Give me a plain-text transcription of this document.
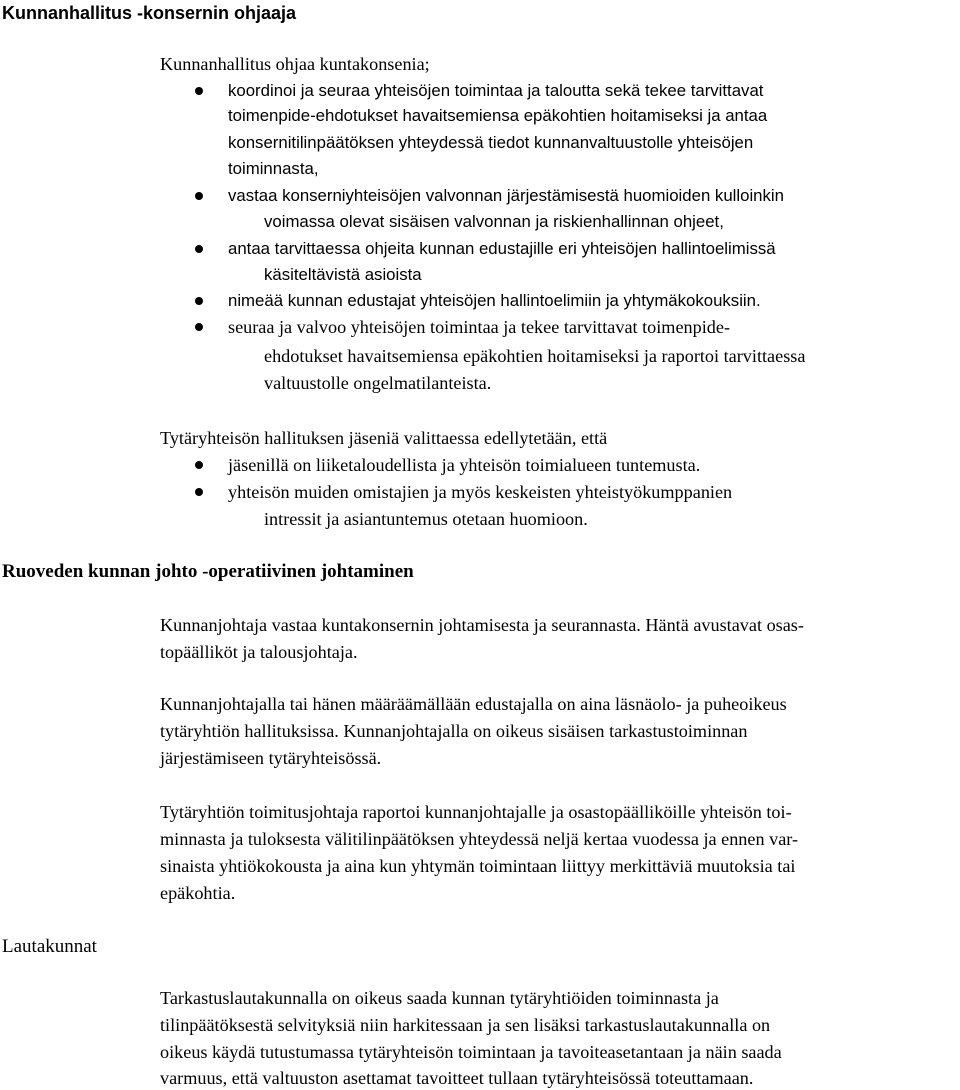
Kunnanhallitus -konsernin ohjaaja
Kunnanhallitus ohjaa kuntakonsenia;
koordinoi ja seuraa yhteisöjen toimintaa ja taloutta sekä tekee tarvittavat
toimenpide-ehdotukset havaitsemiensa epäkohtien hoitamiseksi ja antaa
konsernitilinpäätöksen yhteydessä tiedot kunnanvaltuustolle yhteisöjen
toiminnasta,
vastaa konserniyhteisöjen valvonnan järjestämisestä huomioiden kulloinkin
voimassa olevat sisäisen valvonnan ja riskienhallinnan ohjeet,
antaa tarvittaessa ohjeita kunnan edustajille eri yhteisöjen hallintoelimissä
käsiteltävistä asioista
nimeää kunnan edustajat yhteisöjen hallintoelimiin ja yhtymäkokouksiin.
seuraa ja valvoo yhteisöjen toimintaa ja tekee tarvittavat toimenpide-
ehdotukset havaitsemiensa epäkohtien hoitamiseksi ja raportoi tarvittaessa
valtuustolle ongelmatilanteista.
Tytäryhteisön hallituksen jäseniä valittaessa edellytetään, että
jäsenillä on liiketaloudellista ja yhteisön toimialueen tuntemusta.
yhteisön muiden omistajien ja myös keskeisten yhteistyökumppanien
intressit ja asiantuntemus otetaan huomioon.
Ruoveden kunnan johto -operatiivinen johtaminen
Kunnanjohtaja vastaa kuntakonsernin johtamisesta ja seurannasta. Häntä avustavat osas-
topäälliköt ja talousjohtaja.
Kunnanjohtajalla tai hänen määräämällään edustajalla on aina läsnäolo- ja puheoikeus
tytäryhtiön hallituksissa. Kunnanjohtajalla on oikeus sisäisen tarkastustoiminnan
järjestämiseen tytäryhteisössä.
Tytäryhtiön toimitusjohtaja raportoi kunnanjohtajalle ja osastopäälliköille yhteisön toi-
minnasta ja tuloksesta välitilinpäätöksen yhteydessä neljä kertaa vuodessa ja ennen var-
sinaista yhtiökokousta ja aina kun yhtymän toimintaan liittyy merkittäviä muutoksia tai
epäkohtia.
Lautakunnat
Tarkastuslautakunnalla on oikeus saada kunnan tytäryhtiöiden toiminnasta ja
tilinpäätöksestä selvityksiä niin harkitessaan ja sen lisäksi tarkastuslautakunnalla on
oikeus käydä tutustumassa tytäryhteisön toimintaan ja tavoiteasetantaan ja näin saada
varmuus, että valtuuston asettamat tavoitteet tullaan tytäryhteisössä toteuttamaan.
